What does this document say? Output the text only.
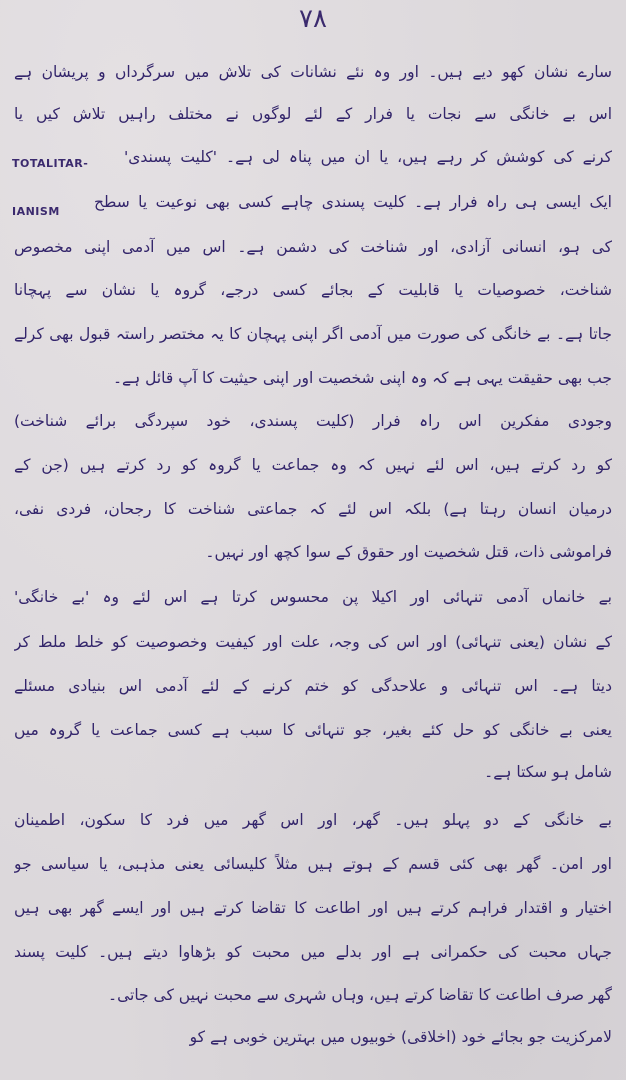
۷۸
TOTALITAR-
IANISM
سارے نشان کھو دیے ہیں۔ اور وہ نئے نشانات کی تلاش میں سرگرداں و پریشان ہے
اس بے خانگی سے نجات یا فرار کے لئے لوگوں نے مختلف راہیں تلاش کیں یا
کرنے کی کوشش کر رہے ہیں، یا ان میں پناہ لی ہے۔ 'کلیت پسندی'
ایک ایسی ہی راہ فرار ہے۔ کلیت پسندی چاہے کسی بھی نوعیت یا سطح
کی ہو، انسانی آزادی، اور شناخت کی دشمن ہے۔ اس میں آدمی اپنی مخصوص
شناخت، خصوصیات یا قابلیت کے بجائے کسی درجے، گروہ یا نشان سے پہچانا
جاتا ہے۔ بے خانگی کی صورت میں آدمی اگر اپنی پہچان کا یہ مختصر راستہ قبول بھی کرلے
جب بھی حقیقت یہی ہے کہ وہ اپنی شخصیت اور اپنی حیثیت کا آپ قائل ہے۔
وجودی مفکرین اس راہ فرار (کلیت پسندی، خود سپردگی برائے شناخت)
کو رد کرتے ہیں، اس لئے نہیں کہ وہ جماعت یا گروہ کو رد کرتے ہیں (جن کے
درمیان انسان رہتا ہے) بلکہ اس لئے کہ جماعتی شناخت کا رجحان، فردی نفی،
فراموشی ذات، قتل شخصیت اور حقوق کے سوا کچھ اور نہیں۔
بے خانماں آدمی تنہائی اور اکیلا پن محسوس کرتا ہے اس لئے وہ 'بے خانگی'
کے نشان (یعنی تنہائی) اور اس کی وجہ، علت اور کیفیت وخصوصیت کو خلط ملط کر
دیتا ہے۔ اس تنہائی و علاحدگی کو ختم کرنے کے لئے آدمی اس بنیادی مسئلے
یعنی بے خانگی کو حل کئے بغیر، جو تنہائی کا سبب ہے کسی جماعت یا گروہ میں
شامل ہو سکتا ہے۔
بے خانگی کے دو پہلو ہیں۔ گھر، اور اس گھر میں فرد کا سکون، اطمینان
اور امن۔ گھر بھی کئی قسم کے ہوتے ہیں مثلاً کلیسائی یعنی مذہبی، یا سیاسی جو
اختیار و اقتدار فراہم کرتے ہیں اور اطاعت کا تقاضا کرتے ہیں اور ایسے گھر بھی ہیں
جہاں محبت کی حکمرانی ہے اور بدلے میں محبت کو بڑھاوا دیتے ہیں۔ کلیت پسند
گھر صرف اطاعت کا تقاضا کرتے ہیں، وہاں شہری سے محبت نہیں کی جاتی۔
لامرکزیت جو بجائے خود (اخلاقی) خوبیوں میں بہترین خوبی ہے کو
